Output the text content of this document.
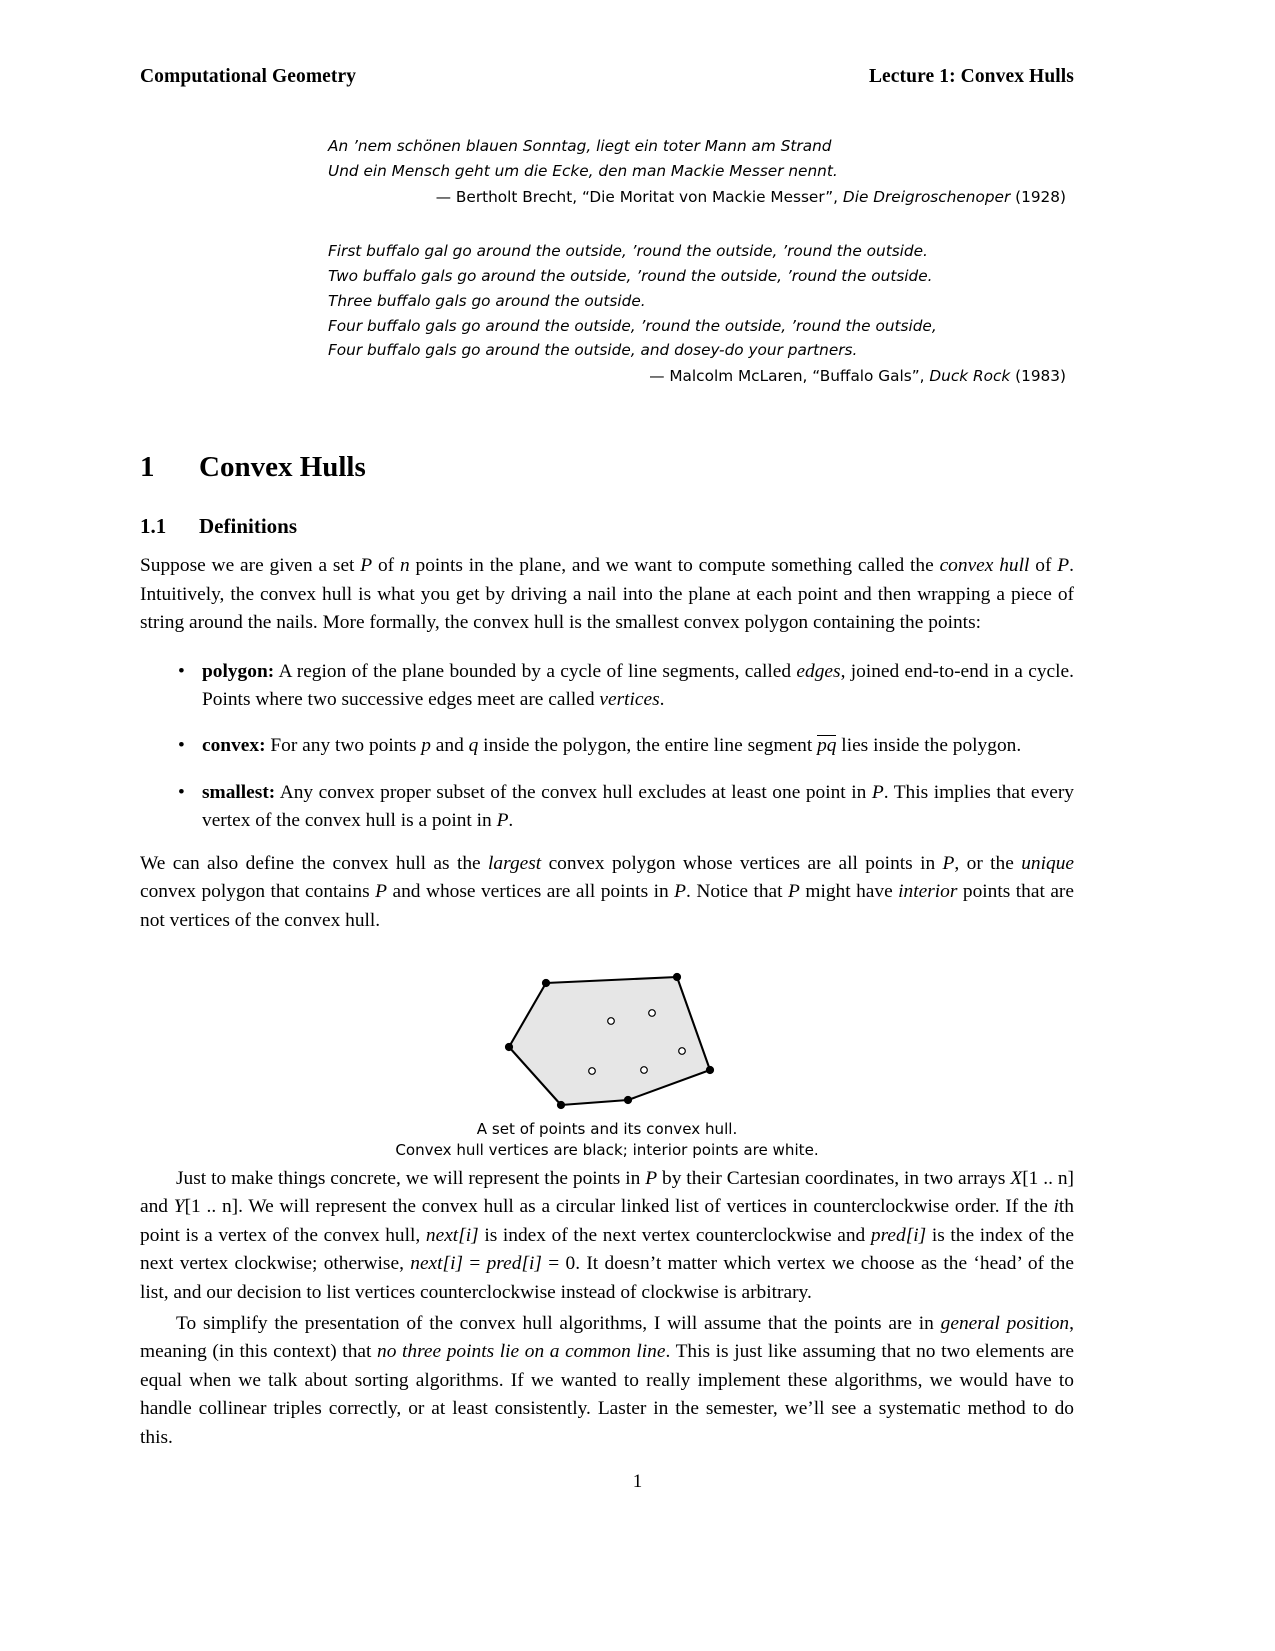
Computational Geometry	Lecture 1: Convex Hulls
An ’nem schönen blauen Sonntag, liegt ein toter Mann am Strand
Und ein Mensch geht um die Ecke, den man Mackie Messer nennt.
— Bertholt Brecht, “Die Moritat von Mackie Messer”, Die Dreigroschenoper (1928)
First buffalo gal go around the outside, ’round the outside, ’round the outside.
Two buffalo gals go around the outside, ’round the outside, ’round the outside.
Three buffalo gals go around the outside.
Four buffalo gals go around the outside, ’round the outside, ’round the outside,
Four buffalo gals go around the outside, and dosey-do your partners.
— Malcolm McLaren, “Buffalo Gals”, Duck Rock (1983)
1 Convex Hulls
1.1 Definitions

Suppose we are given a set P of n points in the plane, and we want to compute something called the convex hull of P. Intuitively, the convex hull is what you get by driving a nail into the plane at each point and then wrapping a piece of string around the nails. More formally, the convex hull is the smallest convex polygon containing the points:

• polygon: A region of the plane bounded by a cycle of line segments, called edges, joined end-to-end in a cycle. Points where two successive edges meet are called vertices.
• convex: For any two points p and q inside the polygon, the entire line segment pq lies inside the polygon.
• smallest: Any convex proper subset of the convex hull excludes at least one point in P. This implies that every vertex of the convex hull is a point in P.

We can also define the convex hull as the largest convex polygon whose vertices are all points in P, or the unique convex polygon that contains P and whose vertices are all points in P. Notice that P might have interior points that are not vertices of the convex hull.

A set of points and its convex hull.
Convex hull vertices are black; interior points are white.

Just to make things concrete, we will represent the points in P by their Cartesian coordinates, in two arrays X[1 .. n] and Y[1 .. n]. We will represent the convex hull as a circular linked list of vertices in counterclockwise order. If the ith point is a vertex of the convex hull, next[i] is index of the next vertex counterclockwise and pred[i] is the index of the next vertex clockwise; otherwise, next[i] = pred[i] = 0. It doesn’t matter which vertex we choose as the ‘head’ of the list, and our decision to list vertices counterclockwise instead of clockwise is arbitrary.

To simplify the presentation of the convex hull algorithms, I will assume that the points are in general position, meaning (in this context) that no three points lie on a common line. This is just like assuming that no two elements are equal when we talk about sorting algorithms. If we wanted to really implement these algorithms, we would have to handle collinear triples correctly, or at least consistently. Laster in the semester, we’ll see a systematic method to do this.

1
